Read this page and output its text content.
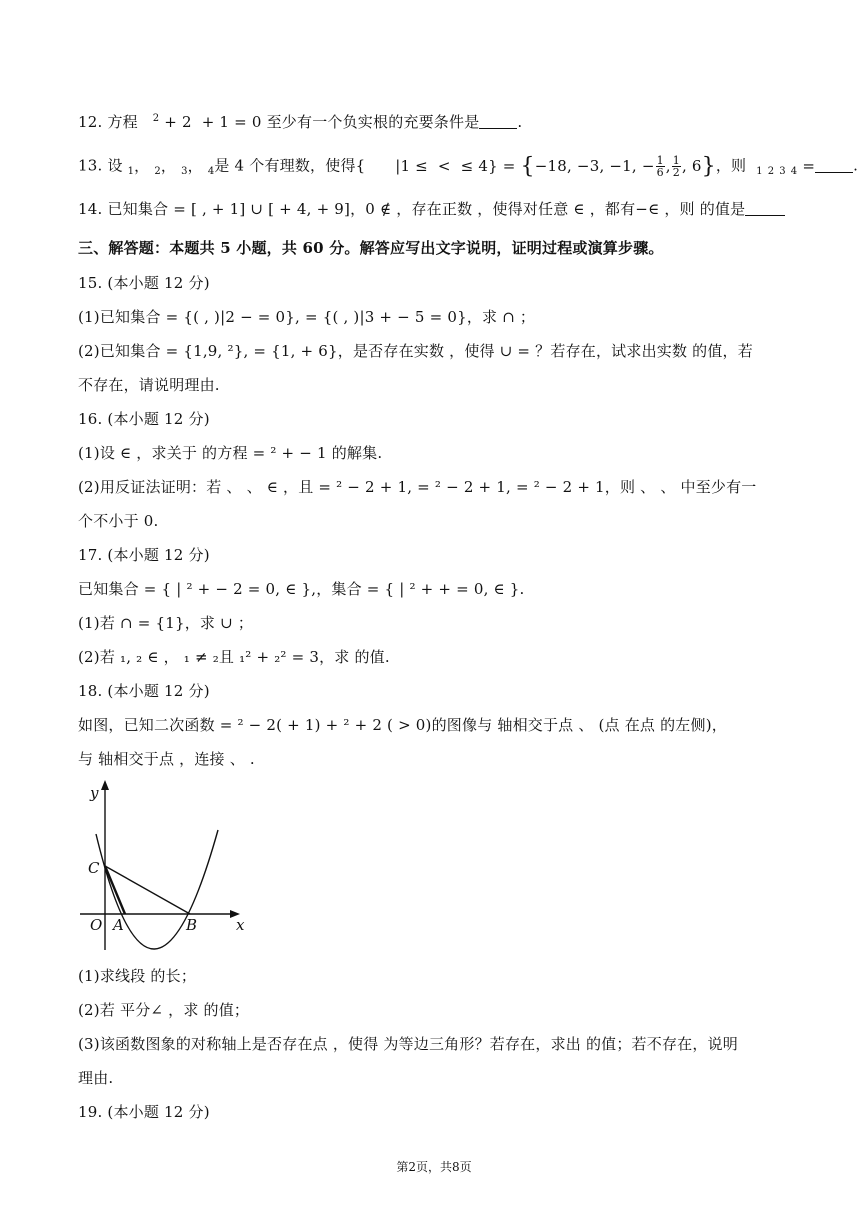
12. 方程 $^2$ + 2  + 1 = 0 至少有一个负实根的充要条件是	.
13. 设 $_1$， $_2$， $_3$， $_4$是 4 个有理数，使得{      |1 ≤  <  ≤ 4} = {−18, −3, −1, − $\frac{1}{6}$ , $\frac{1}{2}$ , 6}，则 $_1$ $_2$ $_3$ $_4$ =	.
14. 已知集合 = [ , + 1] ∪ [ + 4, + 9]，0 ∉ ，存在正数 ，使得对任意 ∈ ，都有−∈ ，则 的值是
三、解答题：本题共 5 小题，共 60 分。解答应写出文字说明，证明过程或演算步骤。
15. (本小题 12 分)
(1)已知集合 = {( , )|2 − = 0}, = {( , )|3 + − 5 = 0}，求 ∩ ；
(2)已知集合 = {1,9, ²}, = {1, + 6}，是否存在实数 ，使得 ∪ = ？若存在，试求出实数 的值，若
不存在，请说明理由.
16. (本小题 12 分)
(1)设 ∈ ，求关于 的方程 = ² + − 1 的解集.
(2)用反证法证明：若 、 、 ∈ ，且 = ² − 2 + 1, = ² − 2 + 1, = ² − 2 + 1，则 、 、 中至少有一
个不小于 0.
17. (本小题 12 分)
已知集合 = { | ² + − 2 = 0, ∈ },，集合 = { | ² + + = 0, ∈ }.
(1)若 ∩ = {1}，求 ∪ ；
(2)若 ₁, ₂ ∈ ， ₁ ≠ ₂且 ₁² + ₂² = 3，求 的值.
18. (本小题 12 分)
如图，已知二次函数 = ² − 2( + 1) + ² + 2 ( > 0)的图像与 轴相交于点 、 (点 在点 的左侧)，
与 轴相交于点 ，连接 、 .
y
x
C
O A	B
(1)求线段 的长；
(2)若 平分∠ ，求 的值；
(3)该函数图象的对称轴上是否存在点 ，使得 为等边三角形？若存在，求出 的值；若不存在，说明
理由.
19. (本小题 12 分)
第2页，共8页
